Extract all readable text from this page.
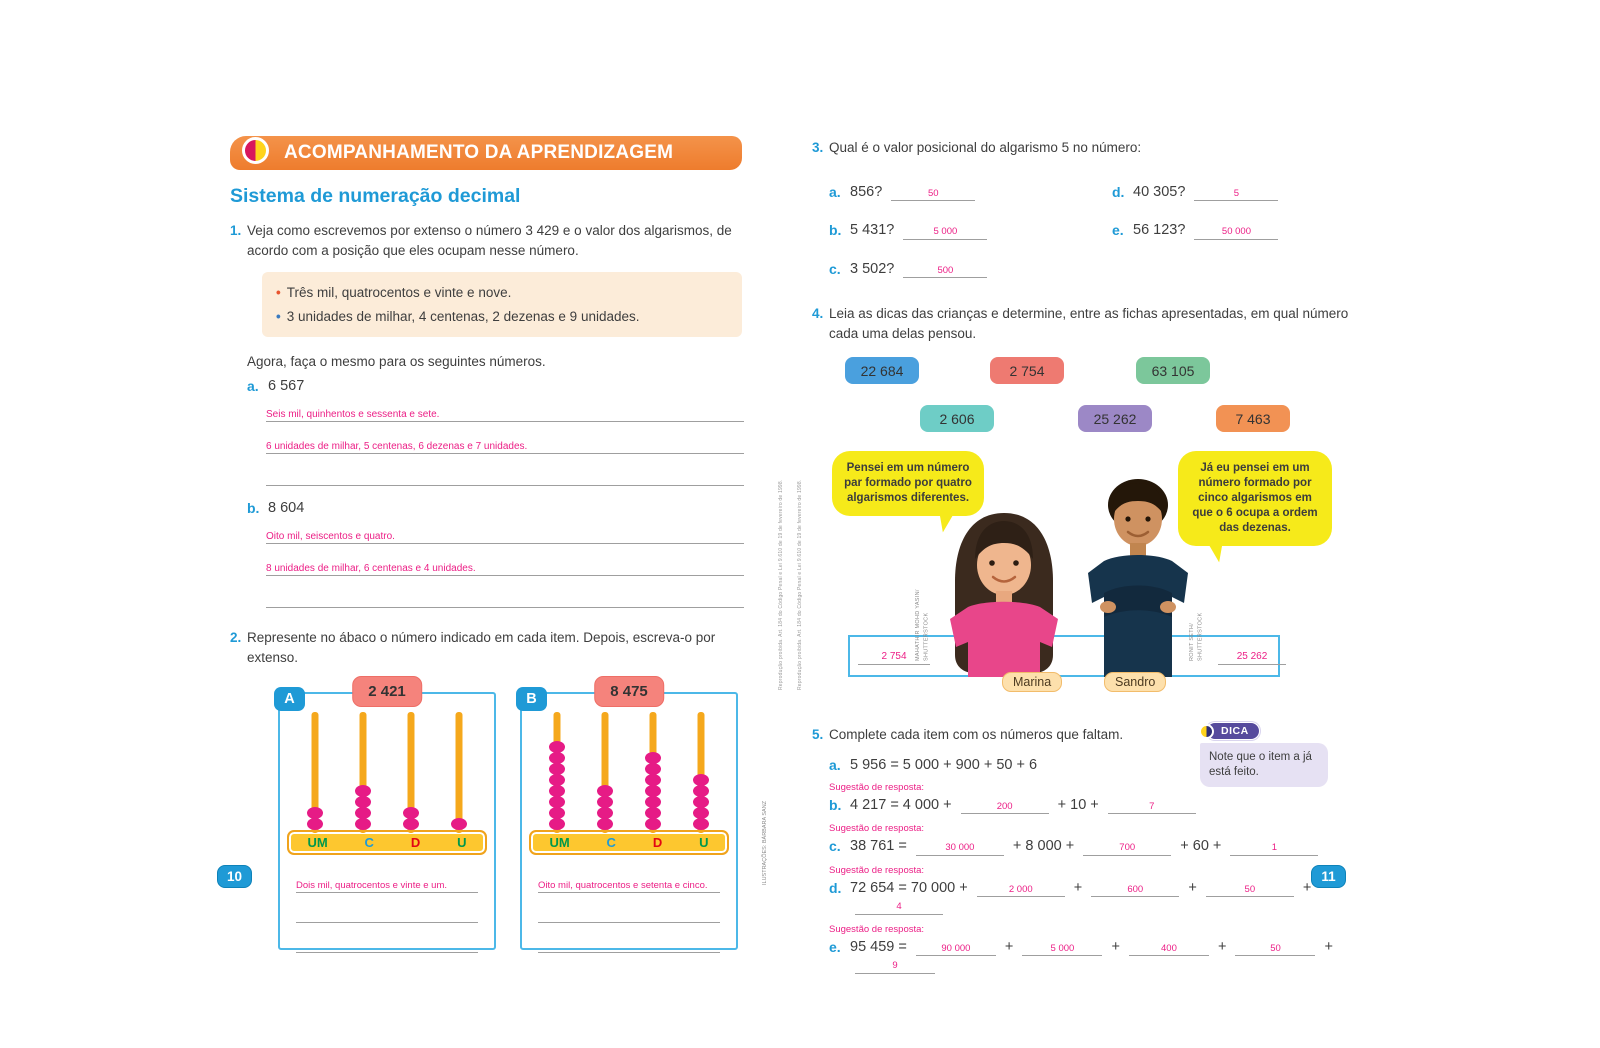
ACOMPANHAMENTO DA APRENDIZAGEM
Sistema de numeração decimal
1. Veja como escrevemos por extenso o número 3 429 e o valor dos algarismos, de acordo com a posição que eles ocupam nesse número.
• Três mil, quatrocentos e vinte e nove.
• 3 unidades de milhar, 4 centenas, 2 dezenas e 9 unidades.
Agora, faça o mesmo para os seguintes números.
a. 6 567
Seis mil, quinhentos e sessenta e sete.
6 unidades de milhar, 5 centenas, 6 dezenas e 7 unidades.
b. 8 604
Oito mil, seiscentos e quatro.
8 unidades de milhar, 6 centenas e 4 unidades.
2. Represente no ábaco o número indicado em cada item. Depois, escreva-o por extenso.
A	2 421
UM	C	D	U
Dois mil, quatrocentos e vinte e um.
B	8 475
UM	C	D	U
Oito mil, quatrocentos e setenta e cinco.
3. Qual é o valor posicional do algarismo 5 no número:
a. 856?	50	d. 40 305?	5
b. 5 431?	5 000	e. 56 123?	50 000
c. 3 502?	500
4. Leia as dicas das crianças e determine, entre as fichas apresentadas, em qual número cada uma delas pensou.
22 684	2 754	63 105
2 606	25 262	7 463
Pensei em um número par formado por quatro algarismos diferentes.
Já eu pensei em um número formado por cinco algarismos em que o 6 ocupa a ordem das dezenas.
2 754	25 262
Marina	Sandro
MAHATHIR MOHD YASIN/ SHUTTERSTOCK	RONIT SETH/ SHUTTERSTOCK
5. Complete cada item com os números que faltam.	DICA
Note que o item a já está feito.
a. 5 956 = 5 000 + 900 + 50 + 6
Sugestão de resposta:
b. 4 217 = 4 000 +	200	+ 10 +	7
Sugestão de resposta:
c. 38 761 =	30 000	+ 8 000 +	700	+ 60 +	1
Sugestão de resposta:
d. 72 654 = 70 000 +	2 000	+	600	+	50	+ 4
Sugestão de resposta:
e. 95 459 =	90 000 +	5 000	+	400	+	50	+ 9
10	11
Reprodução proibida. Art. 184 do Código Penal e Lei 9.610 de 19 de fevereiro de 1998.	Reprodução proibida. Art. 184 do Código Penal e Lei 9.610 de 19 de fevereiro de 1998.
ILUSTRAÇÕES: BÁRBARA SANZ
